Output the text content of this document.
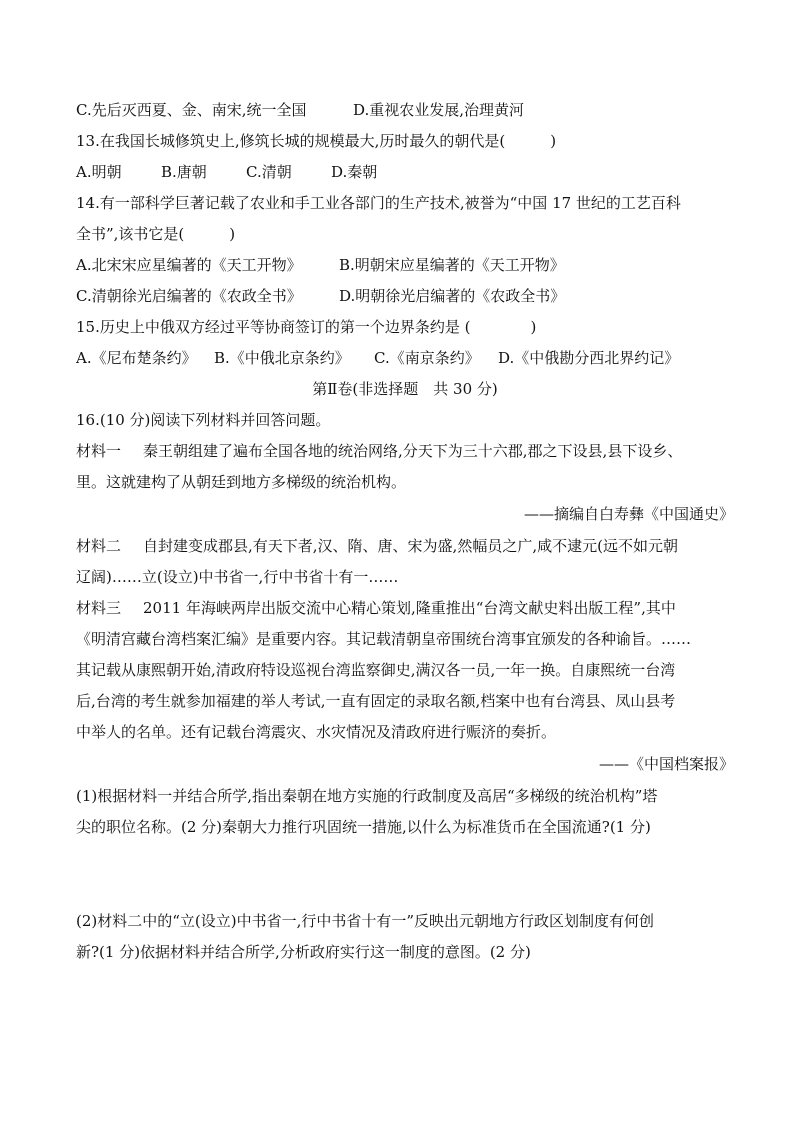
C.先后灭西夏、金、南宋,统一全国	D.重视农业发展,治理黄河
13.在我国长城修筑史上,修筑长城的规模最大,历时最久的朝代是(　　　)
A.明朝	B.唐朝	C.清朝	D.秦朝
14.有一部科学巨著记载了农业和手工业各部门的生产技术,被誉为“中国 17 世纪的工艺百科
全书”,该书它是(　　　)
A.北宋宋应星编著的《天工开物》 B.明朝宋应星编著的《天工开物》
C.清朝徐光启编著的《农政全书》 D.明朝徐光启编著的《农政全书》
15.历史上中俄双方经过平等协商签订的第一个边界条约是 (　　　　)
A.《尼布楚条约》 B.《中俄北京条约》 C.《南京条约》 D.《中俄勘分西北界约记》
第Ⅱ卷(非选择题　共 30 分)
16.(10 分)阅读下列材料并回答问题。
材料一 秦王朝组建了遍布全国各地的统治网络,分天下为三十六郡,郡之下设县,县下设乡、
里。这就建构了从朝廷到地方多梯级的统治机构。
——摘编自白寿彝《中国通史》
材料二 自封建变成郡县,有天下者,汉、隋、唐、宋为盛,然幅员之广,咸不逮元(远不如元朝
辽阔)……立(设立)中书省一,行中书省十有一……
材料三 2011 年海峡两岸出版交流中心精心策划,隆重推出“台湾文献史料出版工程”,其中
《明清宫藏台湾档案汇编》是重要内容。其记载清朝皇帝围统台湾事宜颁发的各种谕旨。……
其记载从康熙朝开始,清政府特设巡视台湾监察御史,满汉各一员,一年一换。自康熙统一台湾
后,台湾的考生就参加福建的举人考试,一直有固定的录取名额,档案中也有台湾县、凤山县考
中举人的名单。还有记载台湾震灾、水灾情况及清政府进行赈济的奏折。
——《中国档案报》
(1)根据材料一并结合所学,指出秦朝在地方实施的行政制度及高居“多梯级的统治机构”塔
尖的职位名称。(2 分)秦朝大力推行巩固统一措施,以什么为标准货币在全国流通?(1 分)
(2)材料二中的“立(设立)中书省一,行中书省十有一”反映出元朝地方行政区划制度有何创
新?(1 分)依据材料并结合所学,分析政府实行这一制度的意图。(2 分)
